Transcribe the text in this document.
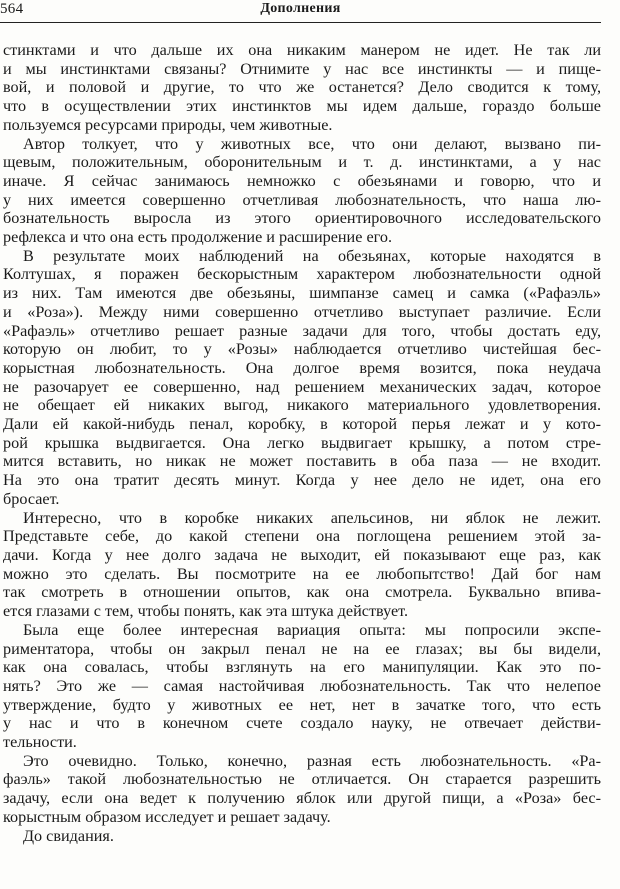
564	Дополнения
стинктами и что дальше их она никаким манером не идет. Не так ли
и мы инстинктами связаны? Отнимите у нас все инстинкты — и пище-
вой, и половой и другие, то что же останется? Дело сводится к тому,
что в осуществлении этих инстинктов мы идем дальше, гораздо больше
пользуемся ресурсами природы, чем животные.
Автор толкует, что у животных все, что они делают, вызвано пи-
щевым, положительным, оборонительным и т. д. инстинктами, а у нас
иначе. Я сейчас занимаюсь немножко с обезьянами и говорю, что и
у них имеется совершенно отчетливая любознательность, что наша лю-
бознательность выросла из этого ориентировочного исследовательского
рефлекса и что она есть продолжение и расширение его.
В результате моих наблюдений на обезьянах, которые находятся в
Колтушах, я поражен бескорыстным характером любознательности одной
из них. Там имеются две обезьяны, шимпанзе самец и самка («Рафаэль»
и «Роза»). Между ними совершенно отчетливо выступает различие. Если
«Рафаэль» отчетливо решает разные задачи для того, чтобы достать еду,
которую он любит, то у «Розы» наблюдается отчетливо чистейшая бес-
корыстная любознательность. Она долгое время возится, пока неудача
не разочарует ее совершенно, над решением механических задач, которое
не обещает ей никаких выгод, никакого материального удовлетворения.
Дали ей какой-нибудь пенал, коробку, в которой перья лежат и у кото-
рой крышка выдвигается. Она легко выдвигает крышку, а потом стре-
мится вставить, но никак не может поставить в оба паза — не входит.
На это она тратит десять минут. Когда у нее дело не идет, она его
бросает.
Интересно, что в коробке никаких апельсинов, ни яблок не лежит.
Представьте себе, до какой степени она поглощена решением этой за-
дачи. Когда у нее долго задача не выходит, ей показывают еще раз, как
можно это сделать. Вы посмотрите на ее любопытство! Дай бог нам
так смотреть в отношении опытов, как она смотрела. Буквально впива-
ется глазами с тем, чтобы понять, как эта штука действует.
Была еще более интересная вариация опыта: мы попросили экспе-
риментатора, чтобы он закрыл пенал не на ее глазах; вы бы видели,
как она совалась, чтобы взглянуть на его манипуляции. Как это по-
нять? Это же — самая настойчивая любознательность. Так что нелепое
утверждение, будто у животных ее нет, нет в зачатке того, что есть
у нас и что в конечном счете создало науку, не отвечает действи-
тельности.
Это очевидно. Только, конечно, разная есть любознательность. «Ра-
фаэль» такой любознательностью не отличается. Он старается разрешить
задачу, если она ведет к получению яблок или другой пищи, а «Роза» бес-
корыстным образом исследует и решает задачу.
До свидания.
